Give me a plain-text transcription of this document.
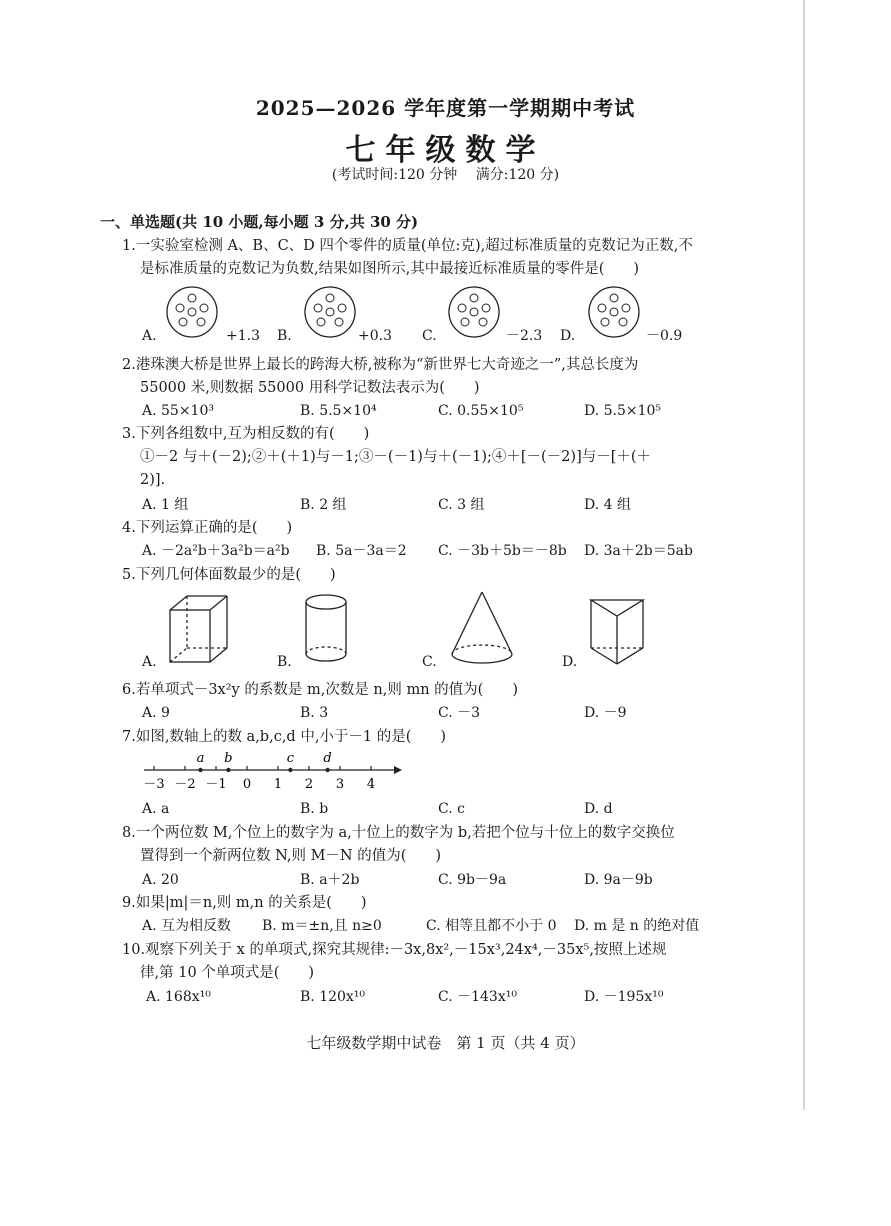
2025—2026 学年度第一学期期中考试
七年级数学
(考试时间:120 分钟　 满分:120 分)
一、单选题(共 10 小题,每小题 3 分,共 30 分)
1.一实验室检测 A、B、C、D 四个零件的质量(单位:克),超过标准质量的克数记为正数,不
是标准质量的克数记为负数,结果如图所示,其中最接近标准质量的零件是(　　)
A.	+1.3 B.	+0.3 C.	－2.3 D.	－0.9
2.港珠澳大桥是世界上最长的跨海大桥,被称为“新世界七大奇迹之一”,其总长度为
55000 米,则数据 55000 用科学记数法表示为(　　)
A. 55×10³	B. 5.5×10⁴	C. 0.55×10⁵	D. 5.5×10⁵
3.下列各组数中,互为相反数的有(　　)
①－2 与＋(－2);②＋(＋1)与－1;③－(－1)与＋(－1);④＋[－(－2)]与－[＋(＋
2)].
A. 1 组	B. 2 组	C. 3 组	D. 4 组
4.下列运算正确的是(　　)
A. －2a²b＋3a²b＝a²b B. 5a－3a＝2 C. －3b＋5b＝－8b D. 3a＋2b＝5ab
5.下列几何体面数最少的是(　　)
A.	B.	C.	D.
6.若单项式－3x²y 的系数是 m,次数是 n,则 mn 的值为(　　)
A. 9	B. 3	C. －3	D. －9
7.如图,数轴上的数 a,b,c,d 中,小于－1 的是(　　)
－3 －2 －1 0 1 2 3 4
a b	c d
A. a	B. b	C. c	D. d
8.一个两位数 M,个位上的数字为 a,十位上的数字为 b,若把个位与十位上的数字交换位
置得到一个新两位数 N,则 M－N 的值为(　　)
A. 20	B. a＋2b	C. 9b－9a	D. 9a－9b
9.如果|m|＝n,则 m,n 的关系是(　　)
A. 互为相反数 B. m＝±n,且 n≥0	C. 相等且都不小于 0 D. m 是 n 的绝对值
10.观察下列关于 x 的单项式,探究其规律:－3x,8x²,－15x³,24x⁴,－35x⁵,按照上述规
律,第 10 个单项式是(　　)
A. 168x¹⁰	B. 120x¹⁰	C. －143x¹⁰	D. －195x¹⁰
七年级数学期中试卷　第 1 页（共 4 页）
